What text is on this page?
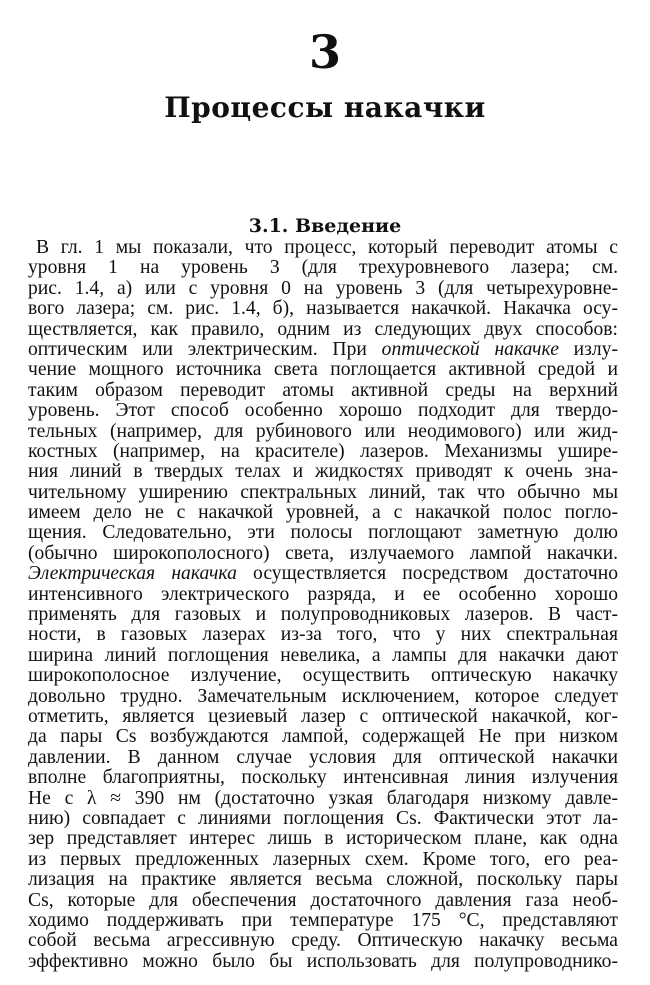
3
Процессы накачки
3.1. Введение
В гл. 1 мы показали, что процесс, который переводит атомы с
уровня 1 на уровень 3 (для трехуровневого лазера; см.
рис. 1.4, а) или с уровня 0 на уровень 3 (для четырехуровне-
вого лазера; см. рис. 1.4, б), называется накачкой. Накачка осу-
ществляется, как правило, одним из следующих двух способов:
оптическим или электрическим. При оптической накачке излу-
чение мощного источника света поглощается активной средой и
таким образом переводит атомы активной среды на верхний
уровень. Этот способ особенно хорошо подходит для твердо-
тельных (например, для рубинового или неодимового) или жид-
костных (например, на красителе) лазеров. Механизмы ушире-
ния линий в твердых телах и жидкостях приводят к очень зна-
чительному уширению спектральных линий, так что обычно мы
имеем дело не с накачкой уровней, а с накачкой полос погло-
щения. Следовательно, эти полосы поглощают заметную долю
(обычно широкополосного) света, излучаемого лампой накачки.
Электрическая накачка осуществляется посредством достаточно
интенсивного электрического разряда, и ее особенно хорошо
применять для газовых и полупроводниковых лазеров. В част-
ности, в газовых лазерах из-за того, что у них спектральная
ширина линий поглощения невелика, а лампы для накачки дают
широкополосное излучение, осуществить оптическую накачку
довольно трудно. Замечательным исключением, которое следует
отметить, является цезиевый лазер с оптической накачкой, ког-
да пары Cs возбуждаются лампой, содержащей He при низком
давлении. В данном случае условия для оптической накачки
вполне благоприятны, поскольку интенсивная линия излучения
He с λ ≈ 390 нм (достаточно узкая благодаря низкому давле-
нию) совпадает с линиями поглощения Cs. Фактически этот ла-
зер представляет интерес лишь в историческом плане, как одна
из первых предложенных лазерных схем. Кроме того, его реа-
лизация на практике является весьма сложной, поскольку пары
Cs, которые для обеспечения достаточного давления газа необ-
ходимо поддерживать при температуре 175 °C, представляют
собой весьма агрессивную среду. Оптическую накачку весьма
эффективно можно было бы использовать для полупроводнико-
